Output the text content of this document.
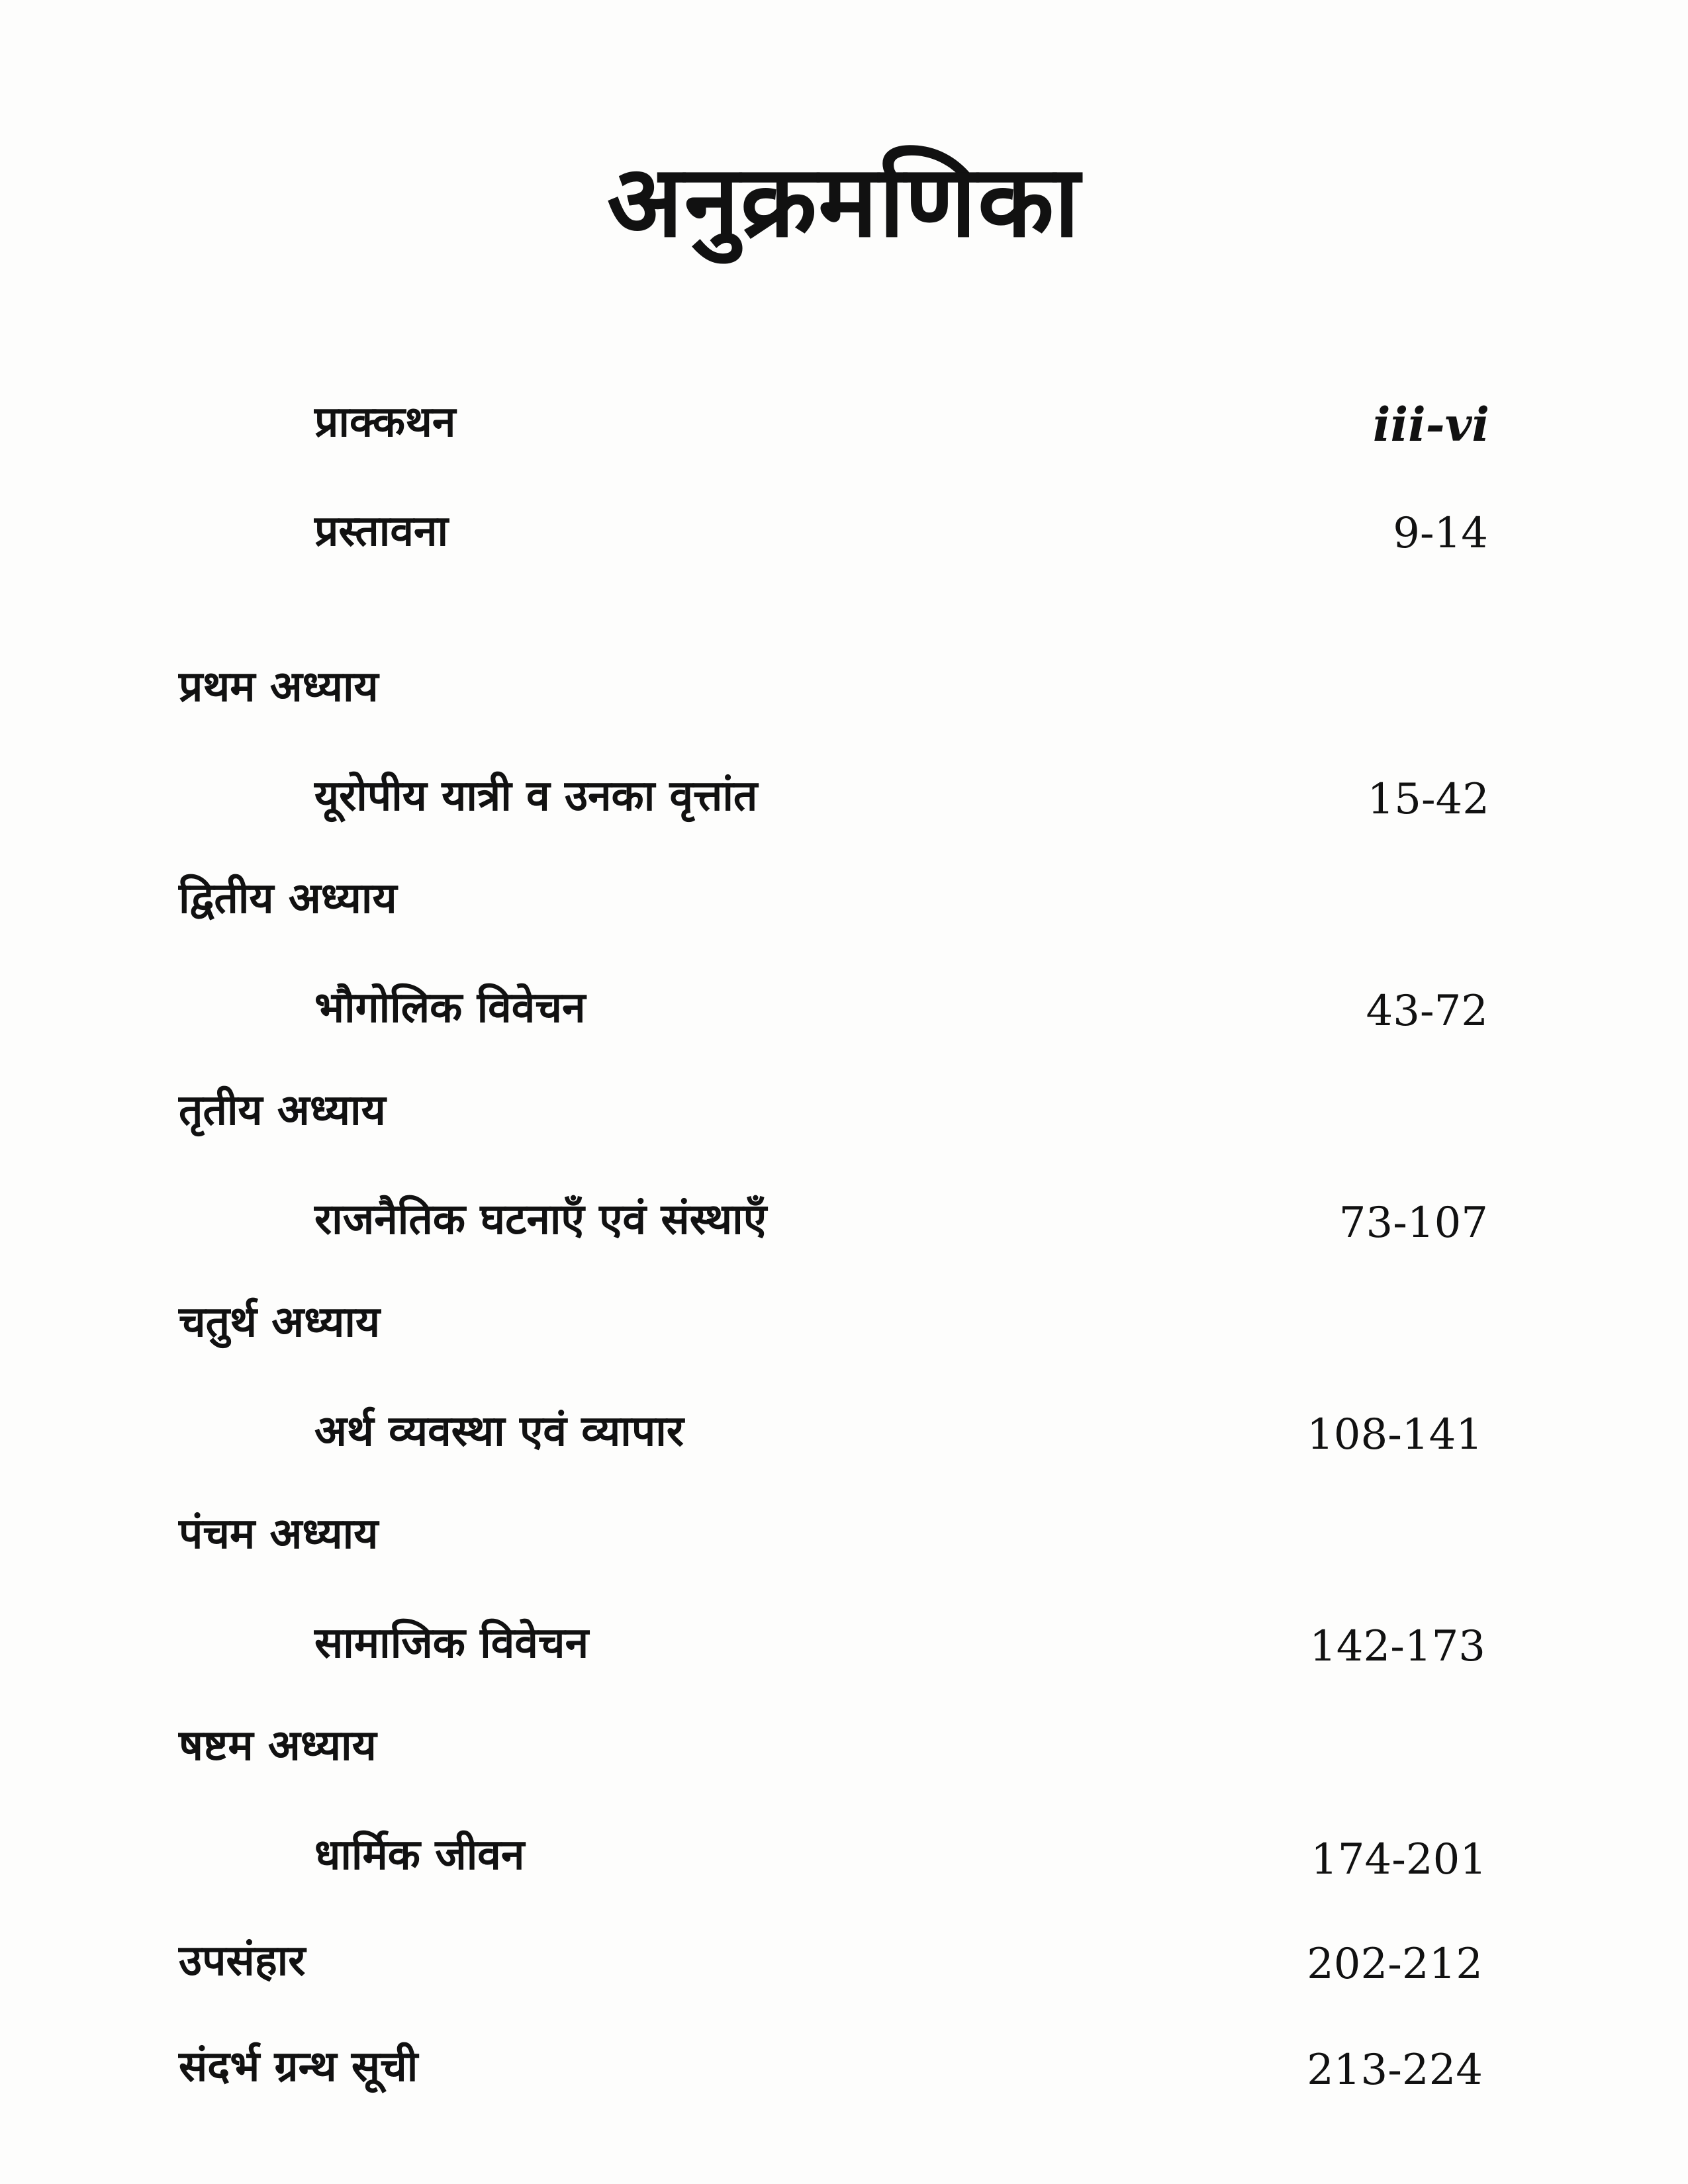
अनुक्रमणिका
प्राक्कथन	iii-vi
प्रस्तावना	9-14
प्रथम अध्याय
यूरोपीय यात्री व उनका वृत्तांत	15-42
द्वितीय अध्याय
भौगोलिक विवेचन	43-72
तृतीय अध्याय
राजनैतिक घटनाएँ एवं संस्थाएँ	73-107
चतुर्थ अध्याय
अर्थ व्यवस्था एवं व्यापार	108-141
पंचम अध्याय
सामाजिक विवेचन	142-173
षष्टम अध्याय
धार्मिक जीवन	174-201
उपसंहार	202-212
संदर्भ ग्रन्थ सूची	213-224
